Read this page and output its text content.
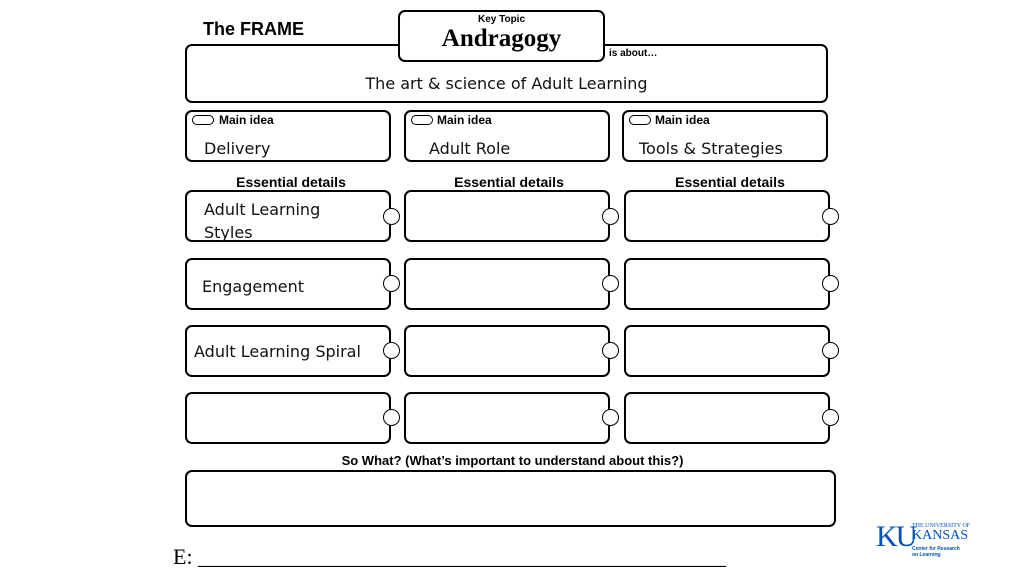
The FRAME
The art & science of Adult Learning
is about…
Key Topic
Andragogy
Main idea
Delivery
Main idea
Adult Role
Main idea
Tools & Strategies
Essential details	Essential details	Essential details
Adult Learning
Styles
Engagement
Adult Learning Spiral
So What? (What’s important to understand about this?)
E: ________________________________________________
KU
THE UNIVERSITY OF
KANSAS
Center for Research
on Learning
